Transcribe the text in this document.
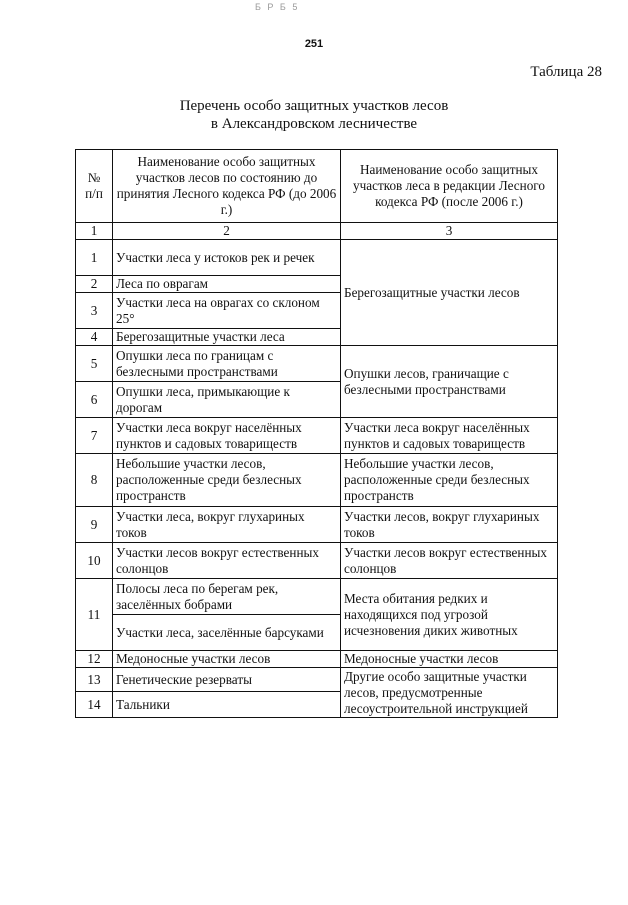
Б Р Б 5
251
Таблица 28
Перечень особо защитных участков лесов
в Александровском лесничестве
№
п/п	Наименование особо защитных участков лесов по состоянию до принятия Лесного кодекса РФ (до 2006 г.)	Наименование особо защитных участков леса в редакции Лесного кодекса РФ (после 2006 г.)
1	2	3
1	Участки леса у истоков рек и речек	Берегозащитные участки лесов
2	Леса по оврагам	
3	Участки леса на оврагах со склоном 25°	
4	Берегозащитные участки леса	
5	Опушки леса по границам с безлесными пространствами	Опушки лесов, граничащие с безлесными пространствами
6	Опушки леса, примыкающие к дорогам	
7	Участки леса вокруг населённых пунктов и садовых товариществ	Участки леса вокруг населённых пунктов и садовых товариществ
8	Небольшие участки лесов, расположенные среди безлесных пространств	Небольшие участки лесов, расположенные среди безлесных пространств
9	Участки леса, вокруг глухариных токов	Участки лесов, вокруг глухариных токов
10	Участки лесов вокруг естественных солонцов	Участки лесов вокруг естественных солонцов
11	Полосы леса по берегам рек, заселённых бобрами	Места обитания редких и находящихся под угрозой исчезновения диких животных
	Участки леса, заселённые барсуками	
12	Медоносные участки лесов	Медоносные участки лесов
13	Генетические резерваты	Другие особо защитные участки лесов, предусмотренные лесоустроительной инструкцией
14	Тальники	
